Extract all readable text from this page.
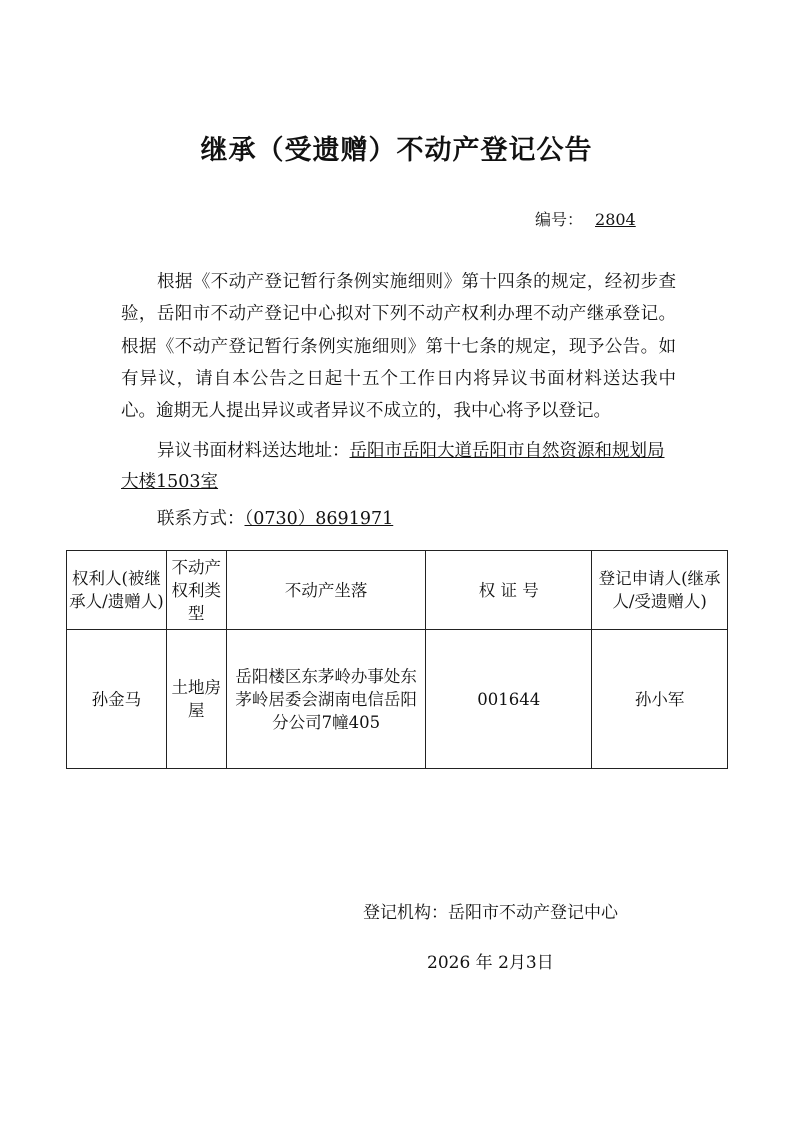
继承（受遗赠）不动产登记公告
编号： 2804
根据《不动产登记暂行条例实施细则》第十四条的规定，经初步查验，岳阳市不动产登记中心拟对下列不动产权利办理不动产继承登记。根据《不动产登记暂行条例实施细则》第十七条的规定，现予公告。如有异议，请自本公告之日起十五个工作日内将异议书面材料送达我中心。逾期无人提出异议或者异议不成立的，我中心将予以登记。
异议书面材料送达地址：岳阳市岳阳大道岳阳市自然资源和规划局大楼1503室
联系方式：（0730）8691971
权利人(被继承人/遗赠人)	不动产权利类型	不动产坐落	权 证 号	登记申请人(继承人/受遗赠人)
孙金马	土地房屋	岳阳楼区东茅岭办事处东茅岭居委会湖南电信岳阳分公司7幢405	001644	孙小军
登记机构：岳阳市不动产登记中心
2026 年 2月3日
